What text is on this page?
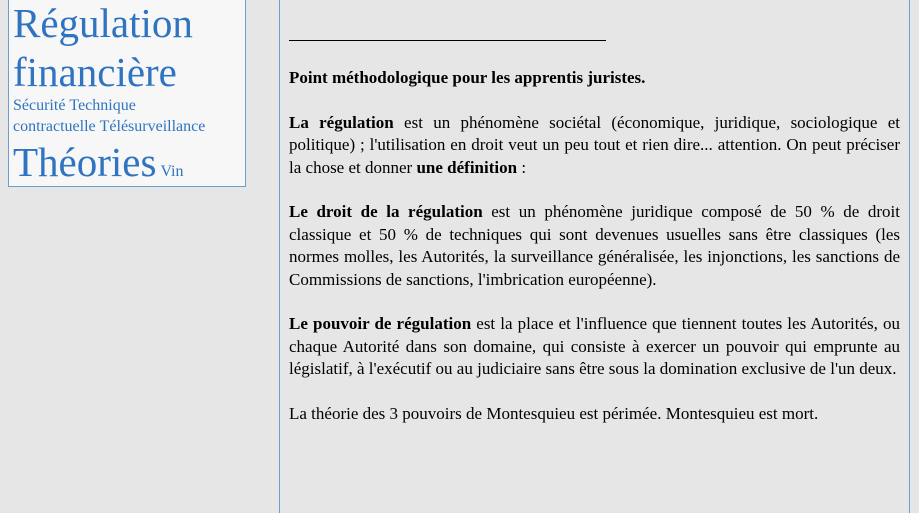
Régulation
financière
Sécurité Technique
contractuelle Télésurveillance
Théories Vin

Point méthodologique pour les apprentis juristes.

La régulation est un phénomène sociétal (économique, juridique, sociologique et politique) ; l'utilisation en droit veut un peu tout et rien dire... attention. On peut préciser la chose et donner une définition :

Le droit de la régulation est un phénomène juridique composé de 50 % de droit classique et 50 % de techniques qui sont devenues usuelles sans être classiques (les normes molles, les Autorités, la surveillance généralisée, les injonctions, les sanctions de Commissions de sanctions, l'imbrication européenne).

Le pouvoir de régulation est la place et l'influence que tiennent toutes les Autorités, ou chaque Autorité dans son domaine, qui consiste à exercer un pouvoir qui emprunte au législatif, à l'exécutif ou au judiciaire sans être sous la domination exclusive de l'un deux.

La théorie des 3 pouvoirs de Montesquieu est périmée. Montesquieu est mort.
